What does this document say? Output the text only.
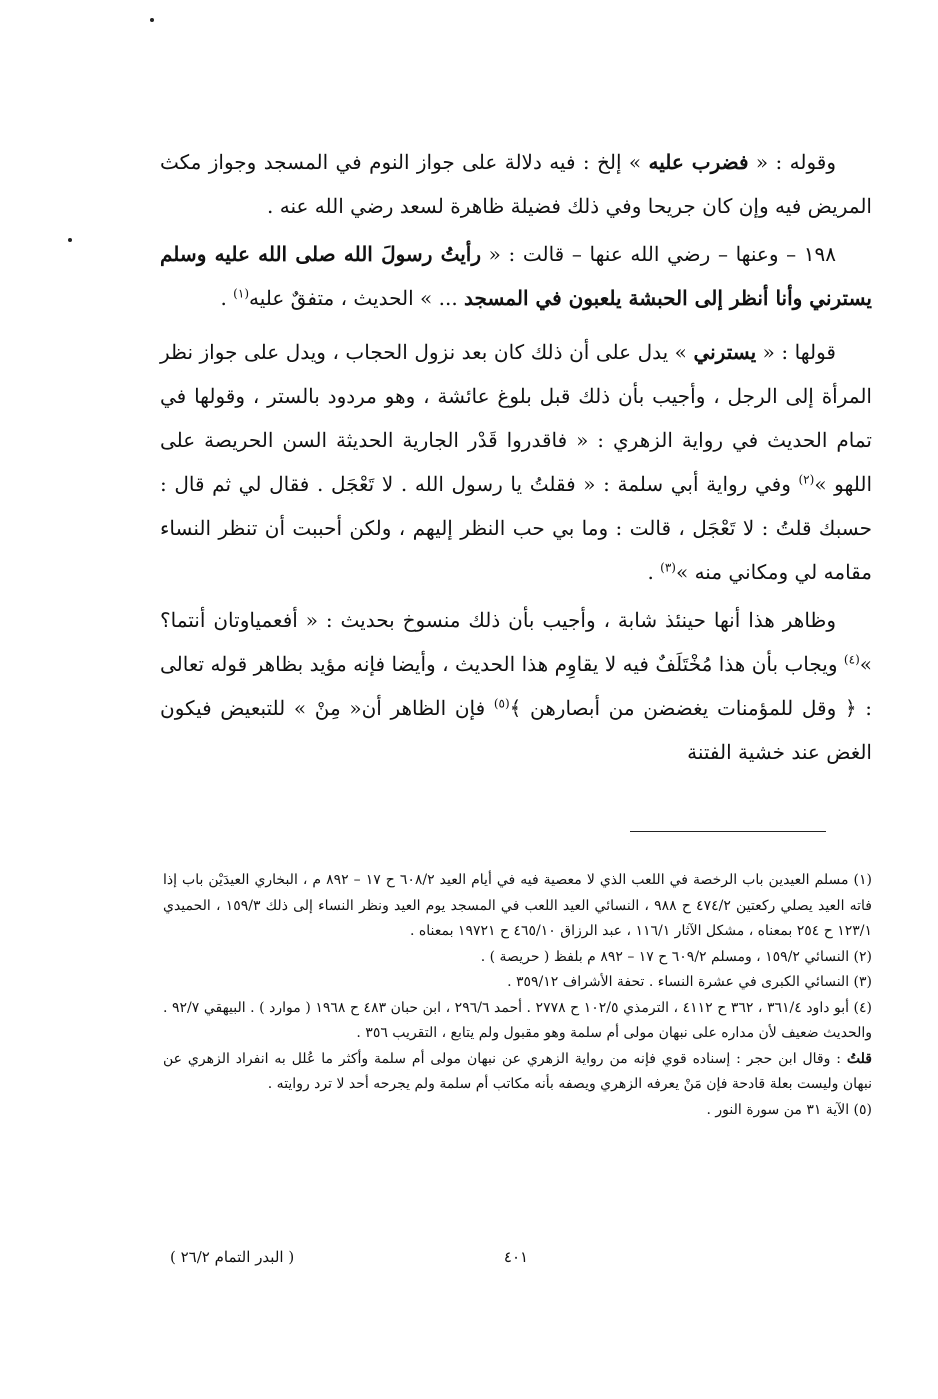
وقوله : « فضرب عليه » إلخ : فيه دلالة على جواز النوم في المسجد وجواز مكث المريض فيه وإن كان جريحا وفي ذلك فضيلة ظاهرة لسعد رضي الله عنه .

١٩٨ – وعنها – رضي الله عنها – قالت : « رأيتُ رسولَ الله صلى الله عليه وسلم يسترني وأنا أنظر إلى الحبشة يلعبون في المسجد ... » الحديث ، متفقٌ عليه$^{(١)}$ .

قولها : « يسترني » يدل على أن ذلك كان بعد نزول الحجاب ، ويدل على جواز نظر المرأة إلى الرجل ، وأجيب بأن ذلك قبل بلوغ عائشة ، وهو مردود بالستر ، وقولها في تمام الحديث في رواية الزهري : « فاقدروا قَدْر الجارية الحديثة السن الحريصة على اللهو »$^{(٢)}$ وفي رواية أبي سلمة : « فقلتُ يا رسول الله . لا تَعْجَل . فقال لي ثم قال : حسبك قلتُ : لا تَعْجَل ، قالت : وما بي حب النظر إليهم ، ولكن أحببت أن تنظر النساء مقامه لي ومكاني منه »$^{(٣)}$ .

وظاهر هذا أنها حينئذ شابة ، وأجيب بأن ذلك منسوخ بحديث : « أفعمياوتان أنتما؟ »$^{(٤)}$ ويجاب بأن هذا مُخْتَلَفٌ فيه لا يقاوِم هذا الحديث ، وأيضا فإنه مؤيد بظاهر قوله تعالى : ﴿ وقل للمؤمنات يغضضن من أبصارهن ﴾$^{(٥)}$ فإن الظاهر أن« مِنْ » للتبعيض فيكون الغض عند خشية الفتنة

(١) مسلم العيدين باب الرخصة في اللعب الذي لا معصية فيه في أيام العيد ٦٠٨/٢ ح ١٧ – ٨٩٢ م ، البخاري العيدَيْن باب إذا فاته العيد يصلي ركعتين ٤٧٤/٢ ح ٩٨٨ ، النسائي العيد اللعب في المسجد يوم العيد ونظر النساء إلى ذلك ١٥٩/٣ ، الحميدي ١٢٣/١ ح ٢٥٤ بمعناه ، مشكل الآثار ١١٦/١ ، عبد الرزاق ٤٦٥/١٠ ح ١٩٧٢١ بمعناه .

(٢) النسائي ١٥٩/٢ ، ومسلم ٦٠٩/٢ ح ١٧ – ٨٩٢ م بلفظ ( حريصة ) .

(٣) النسائي الكبرى في عشرة النساء . تحفة الأشراف ٣٥٩/١٢ .

(٤) أبو داود ٣٦١/٤ ، ٣٦٢ ح ٤١١٢ ، الترمذي ١٠٢/٥ ح ٢٧٧٨ . أحمد ٢٩٦/٦ ، ابن حبان ٤٨٣ ح ١٩٦٨ ( موارد ) . البيهقي ٩٢/٧ . والحديث ضعيف لأن مداره على نبهان مولى أم سلمة وهو مقبول ولم يتابع ، التقريب ٣٥٦ .

قلتُ : وقال ابن حجر : إسناده قوي فإنه من رواية الزهري عن نبهان مولى أم سلمة وأكثر ما عُلل به انفراد الزهري عن نبهان وليست بعلة قادحة فإن مَنْ يعرفه الزهري ويصفه بأنه مكاتب أم سلمة ولم يجرحه أحد لا ترد روايته .

(٥) الآية ٣١ من سورة النور .

٤٠١
( البدر التمام ٢٦/٢ )
